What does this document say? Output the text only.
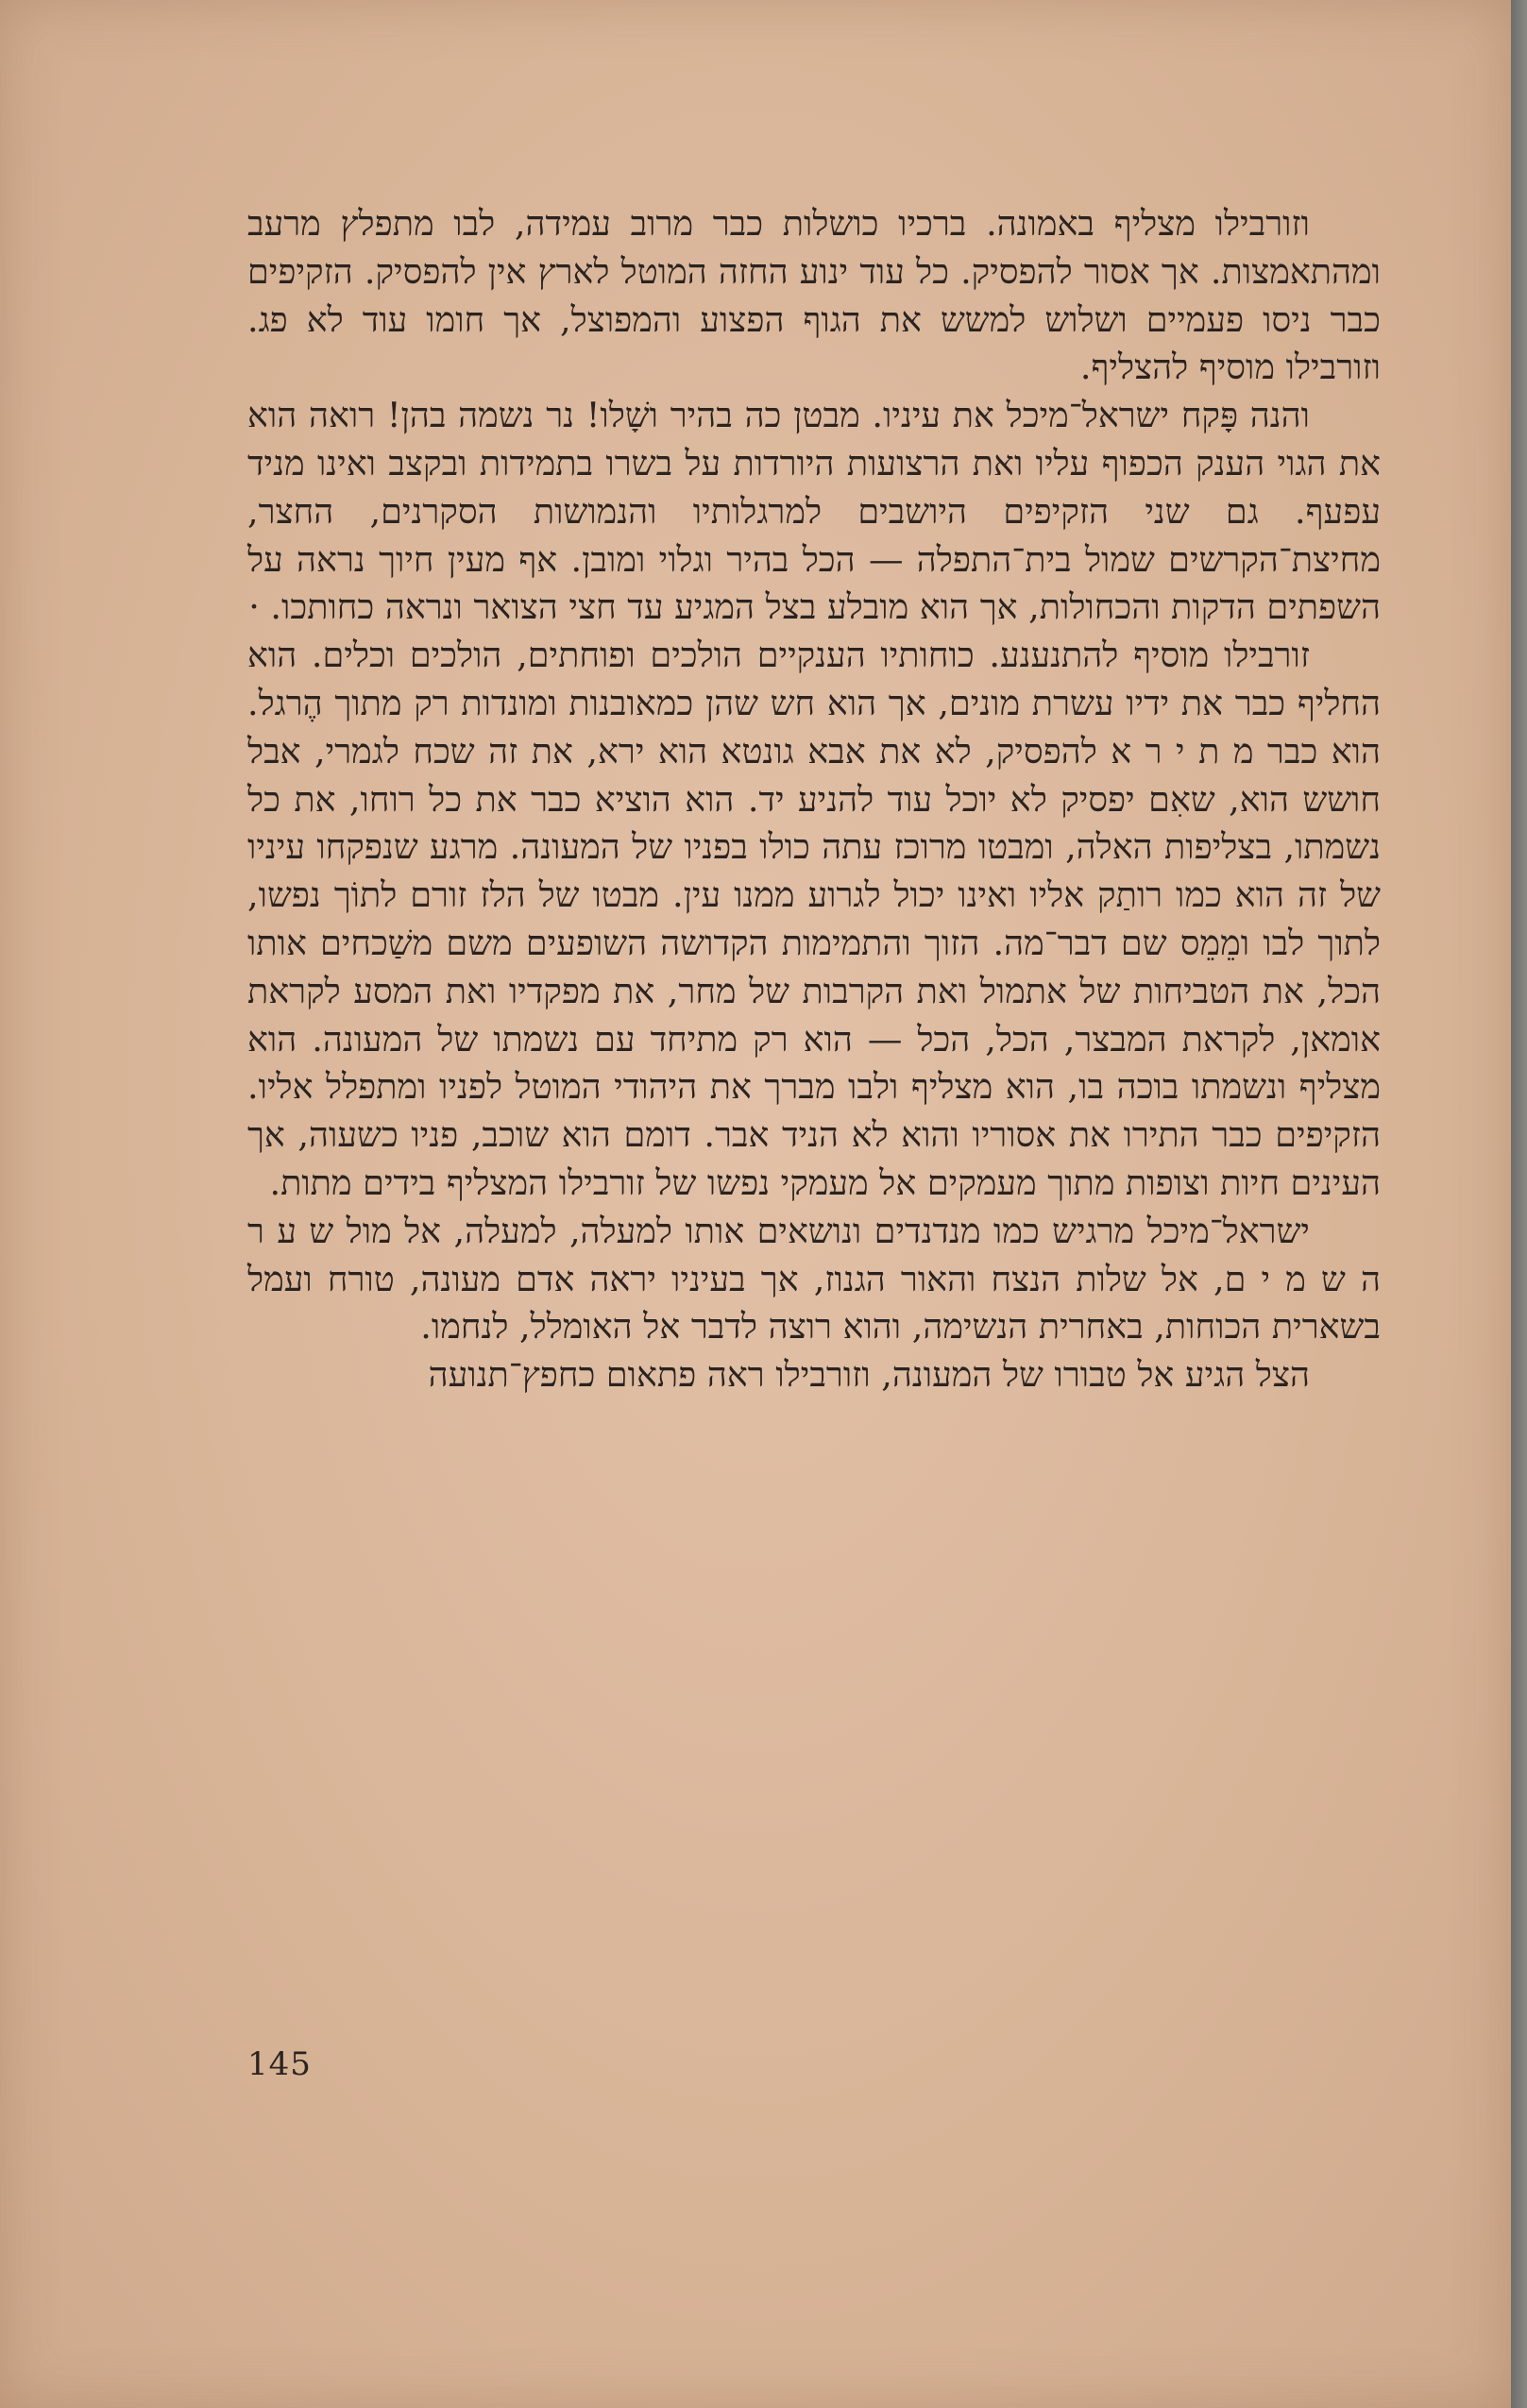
וזורבילו מצליף באמונה. ברכיו כושלות כבר מרוב עמידה, לבו מתפלץ מרעב ומהתאמצות. אך אסור להפסיק. כל עוד ינוע החזה המוטל לארץ אין להפסיק. הזקיפים כבר ניסו פעמיים ושלוש למשש את הגוף הפצוע והמפוצל, אך חומו עוד לא פג. וזורבילו מוסיף להצליף.

והנה פָּקח ישראל־מיכל את עיניו. מבטן כה בהיר ושָׁלו! נר נשמה בהן! רואה הוא את הגוי הענק הכפוף עליו ואת הרצועות היורדות על בשרו בתמידות ובקצב ואינו מניד עפעף. גם שני הזקיפים היושבים למרגלותיו והנמושות הסקרנים, החצר, מחיצת־הקרשים שמול בית־התפלה — הכל בהיר וגלוי ומובן. אף מעין חיוך נראה על השפתים הדקות והכחולות, אך הוא מובלע בצל המגיע עד חצי הצואר ונראה כחותכו. ·

זורבילו מוסיף להתנענע. כוחותיו הענקיים הולכים ופוחתים, הולכים וכלים. הוא החליף כבר את ידיו עשרת מונים, אך הוא חש שהן כמאובנות ומונדות רק מתוך הֶרגל. הוא כבר מ ת י ר א להפסיק, לא את אבא גונטא הוא ירא, את זה שכח לגמרי, אבל חושש הוא, שאִם יפסיק לא יוכל עוד להניע יד. הוא הוציא כבר את כל רוחו, את כל נשמתו, בצליפות האלה, ומבטו מרוכז עתה כולו בפניו של המעונה. מרגע שנפקחו עיניו של זה הוא כמו רותַק אליו ואינו יכול לגרוע ממנו עין. מבטו של הלז זורם לתוֹך נפשו, לתוך לבו ומֵמֵס שם דבר־מה. הזוך והתמימות הקדושה השופעים משם משַׁכחים אותו הכל, את הטביחות של אתמול ואת הקרבות של מחר, את מפקדיו ואת המסע לקראת אומאן, לקראת המבצר, הכל, הכל — הוא רק מתיחד עם נשמתו של המעונה. הוא מצליף ונשמתו בוכה בו, הוא מצליף ולבו מברך את היהודי המוטל לפניו ומתפלל אליו. הזקיפים כבר התירו את אסוריו והוא לא הניד אבר. דומם הוא שוכב, פניו כשעוה, אך העינים חיות וצופות מתוך מעמקים אל מעמקי נפשו של זורבילו המצליף בידים מתות.

ישראל־מיכל מרגיש כמו מנדנדים ונושאים אותו למעלה, למעלה, אל מול ש ע ר ה ש מ י ם, אל שלות הנצח והאור הגנוז, אך בעיניו יראה אדם מעונה, טורח ועמל בשארית הכוחות, באחרית הנשימה, והוא רוצה לדבר אל האומלל, לנחמו.

הצל הגיע אל טבורו של המעונה, וזורבילו ראה פתאום כחפץ־תנועה

145
